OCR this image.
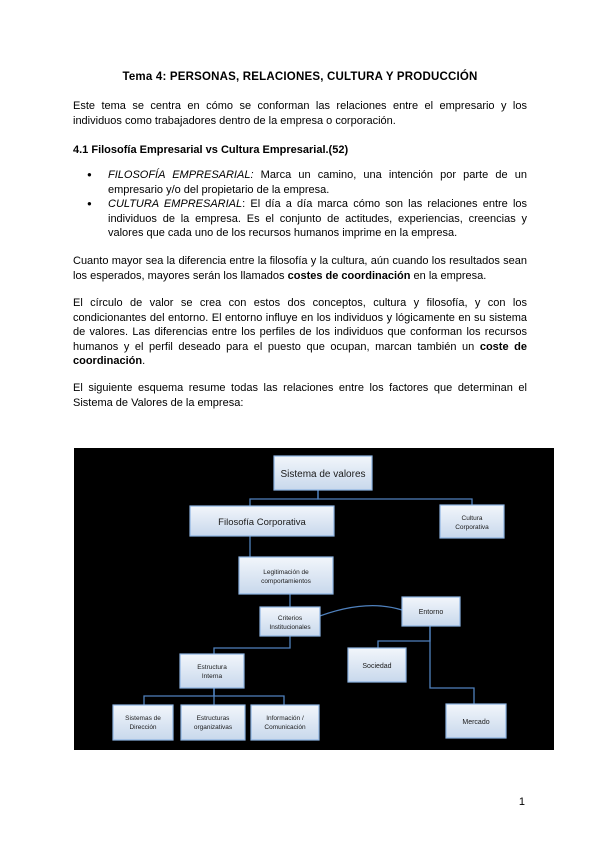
Tema 4: PERSONAS, RELACIONES, CULTURA Y PRODUCCIÓN
Este tema se centra en cómo se conforman las relaciones entre el empresario y los individuos como trabajadores dentro de la empresa o corporación.
4.1 Filosofía Empresarial vs Cultura Empresarial.(52)
● FILOSOFÍA EMPRESARIAL: Marca un camino, una intención por parte de un empresario y/o del propietario de la empresa.
● CULTURA EMPRESARIAL: El día a día marca cómo son las relaciones entre los individuos de la empresa. Es el conjunto de actitudes, experiencias, creencias y valores que cada uno de los recursos humanos imprime en la empresa.
Cuanto mayor sea la diferencia entre la filosofía y la cultura, aún cuando los resultados sean los esperados, mayores serán los llamados costes de coordinación en la empresa.
El círculo de valor se crea con estos dos conceptos, cultura y filosofía, y con los condicionantes del entorno. El entorno influye en los individuos y lógicamente en su sistema de valores. Las diferencias entre los perfiles de los individuos que conforman los recursos humanos y el perfil deseado para el puesto que ocupan, marcan también un coste de coordinación.
El siguiente esquema resume todas las relaciones entre los factores que determinan el Sistema de Valores de la empresa:
Sistema de valores
Filosofía Corporativa	Cultura
Corporativa
Legitimación de
comportamientos
Criterios
Institucionales
Entorno
Estructura
Interna
Sociedad
Sistemas de
Dirección
Estructuras
organizativas
Información /
Comunicación
Mercado
1
